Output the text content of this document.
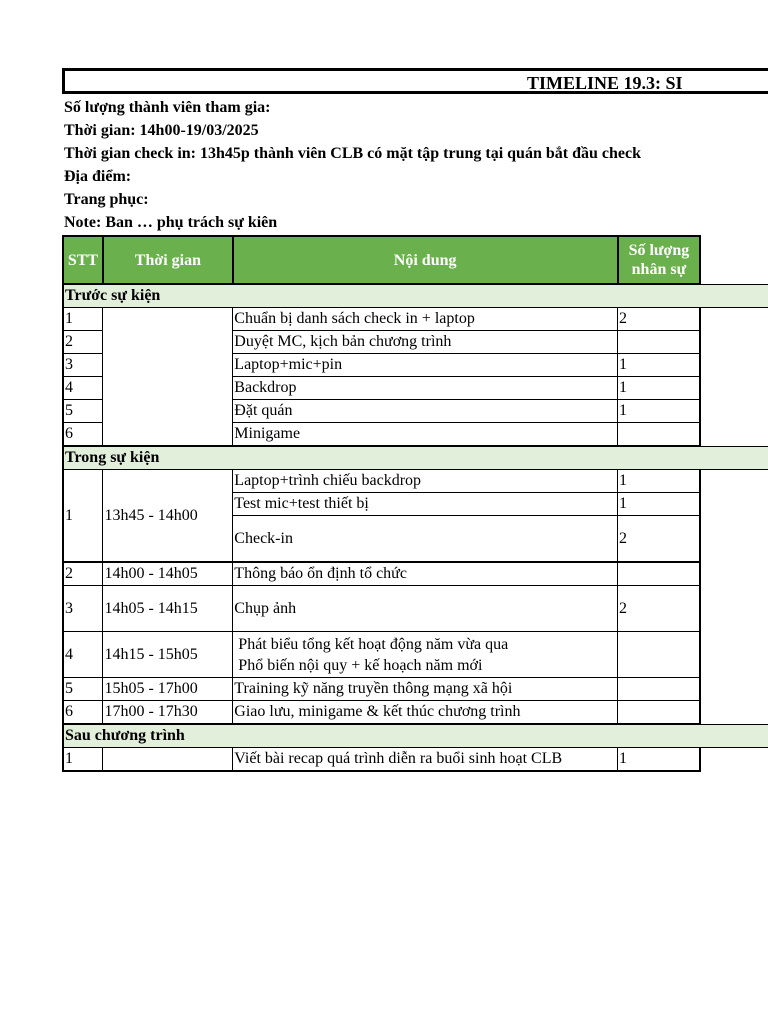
TIMELINE 19.3: SI
Số lượng thành viên tham gia:
Thời gian: 14h00-19/03/2025
Thời gian check in: 13h45p thành viên CLB có mặt tập trung tại quán bắt đầu check
Địa điểm:
Trang phục:
Note: Ban … phụ trách sự kiên
STT	Thời gian	Nội dung	Số lượng nhân sự	
Trước sự kiện				
1		Chuẩn bị danh sách check in + laptop	2	
2		Duyệt MC, kịch bản chương trình		
3		Laptop+mic+pin	1	
4		Backdrop	1	
5		Đặt quán	1	
6		Minigame		
Trong sự kiện				
1	13h45 - 14h00	Laptop+trình chiếu backdrop	1	
		Test mic+test thiết bị	1	
		Check-in	2	
2	14h00 - 14h05	Thông báo ổn định tổ chức		
3	14h05 - 14h15	Chụp ảnh	2	
4	14h15 - 15h05	Phát biểu tổng kết hoạt động năm vừa qua
Phổ biến nội quy + kế hoạch năm mới		

5	15h05 - 17h00	Training kỹ năng truyền thông mạng xã hội		
6	17h00 - 17h30	Giao lưu, minigame & kết thúc chương trình		
Sau chương trình				
1		Viết bài recap quá trình diễn ra buổi sinh hoạt CLB	1	
